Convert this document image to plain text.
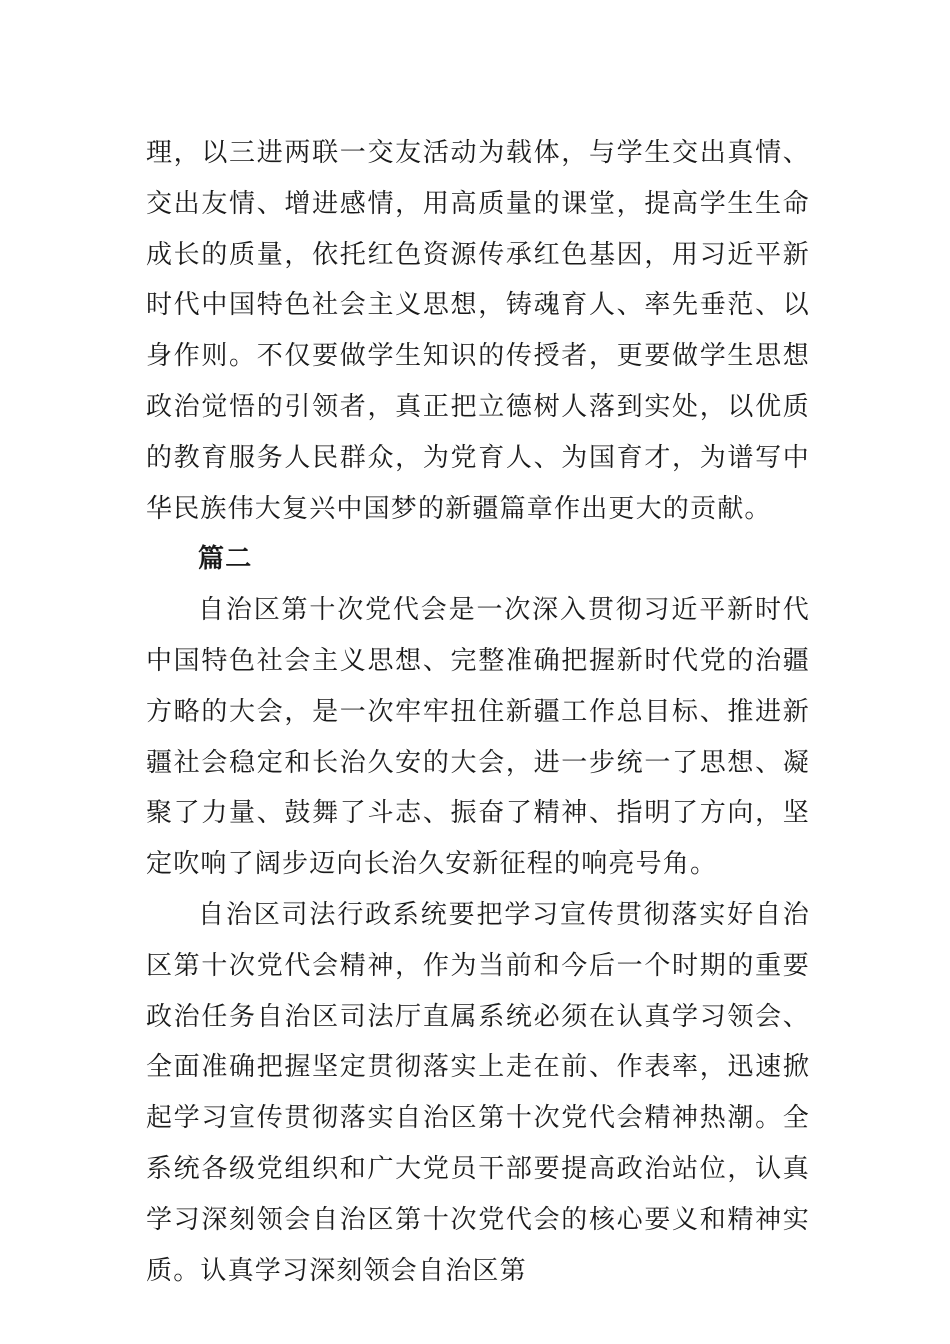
理，以三进两联一交友活动为载体，与学生交出真情、交出友情、增进感情，用高质量的课堂，提高学生生命成长的质量，依托红色资源传承红色基因，用习近平新时代中国特色社会主义思想，铸魂育人、率先垂范、以身作则。不仅要做学生知识的传授者，更要做学生思想政治觉悟的引领者，真正把立德树人落到实处，以优质的教育服务人民群众，为党育人、为国育才，为谱写中华民族伟大复兴中国梦的新疆篇章作出更大的贡献。

篇二

自治区第十次党代会是一次深入贯彻习近平新时代中国特色社会主义思想、完整准确把握新时代党的治疆方略的大会，是一次牢牢扭住新疆工作总目标、推进新疆社会稳定和长治久安的大会，进一步统一了思想、凝聚了力量、鼓舞了斗志、振奋了精神、指明了方向，坚定吹响了阔步迈向长治久安新征程的响亮号角。

自治区司法行政系统要把学习宣传贯彻落实好自治区第十次党代会精神，作为当前和今后一个时期的重要政治任务自治区司法厅直属系统必须在认真学习领会、全面准确把握坚定贯彻落实上走在前、作表率，迅速掀起学习宣传贯彻落实自治区第十次党代会精神热潮。全系统各级党组织和广大党员干部要提高政治站位，认真学习深刻领会自治区第十次党代会的核心要义和精神实质。认真学习深刻领会自治区第
